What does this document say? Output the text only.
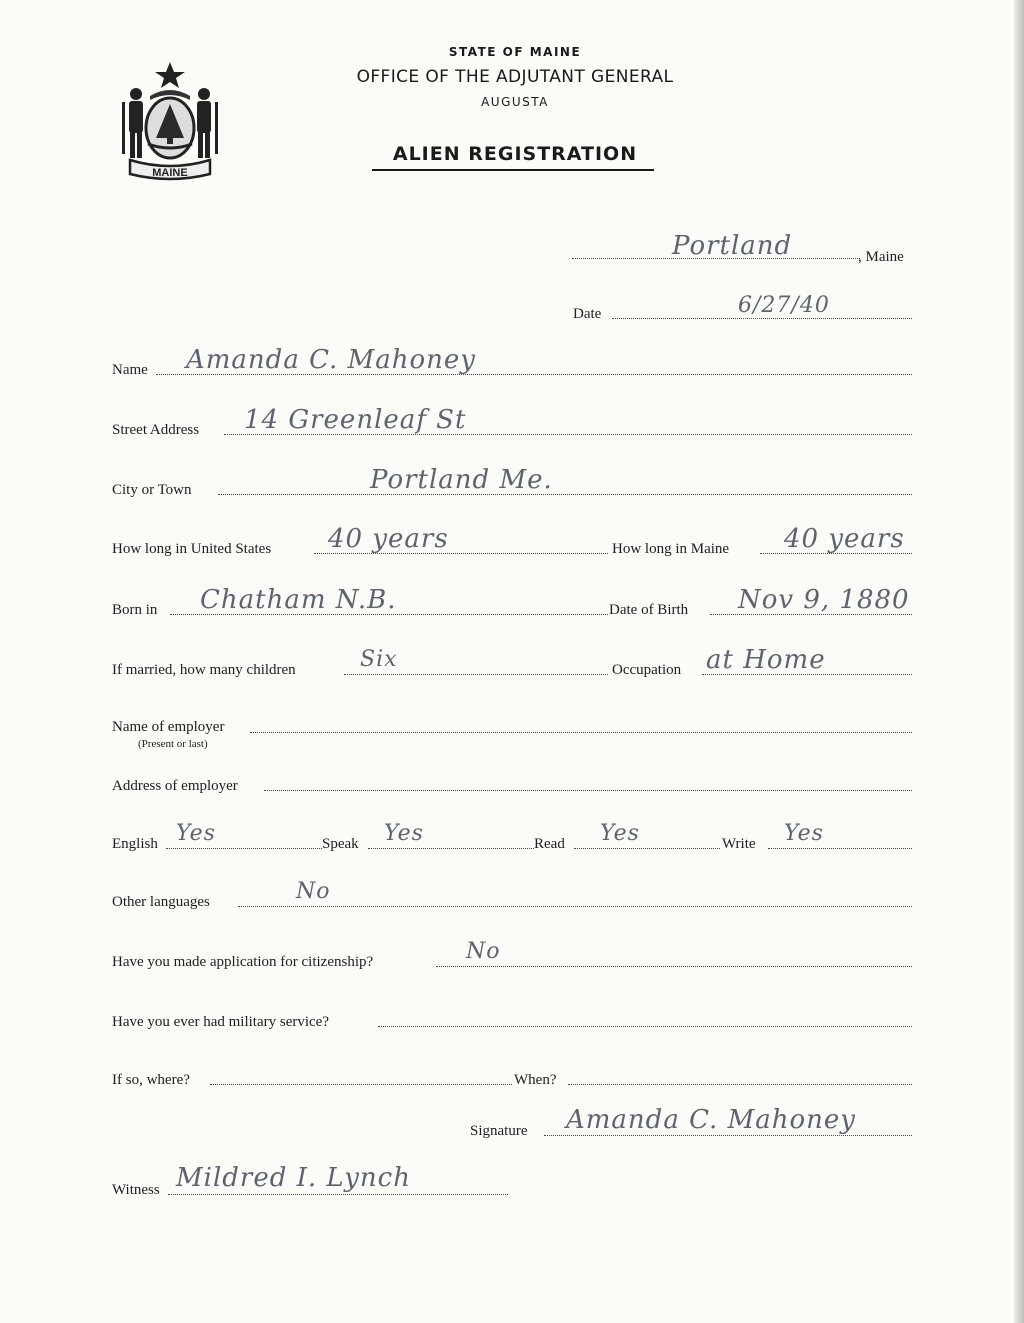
MAINE
STATE OF MAINE
OFFICE OF THE ADJUTANT GENERAL
AUGUSTA
ALIEN REGISTRATION
Portland	, Maine
Date	6/27/40
Name Amanda C. Mahoney
Street Address 14 Greenleaf St
City or Town	Portland Me.
How long in United States 40 years	How long in Maine 40 years
Born in Chatham N.B.	Date of Birth Nov 9, 1880
If married, how many children	Six	Occupation at Home
Name of employer
(Present or last)
Address of employer
English Yes	Speak Yes	Read Yes	Write Yes
Other languages	No
Have you made application for citizenship?	No
Have you ever had military service?
If so, where?	When?
Signature Amanda C. Mahoney
Witness Mildred I. Lynch
